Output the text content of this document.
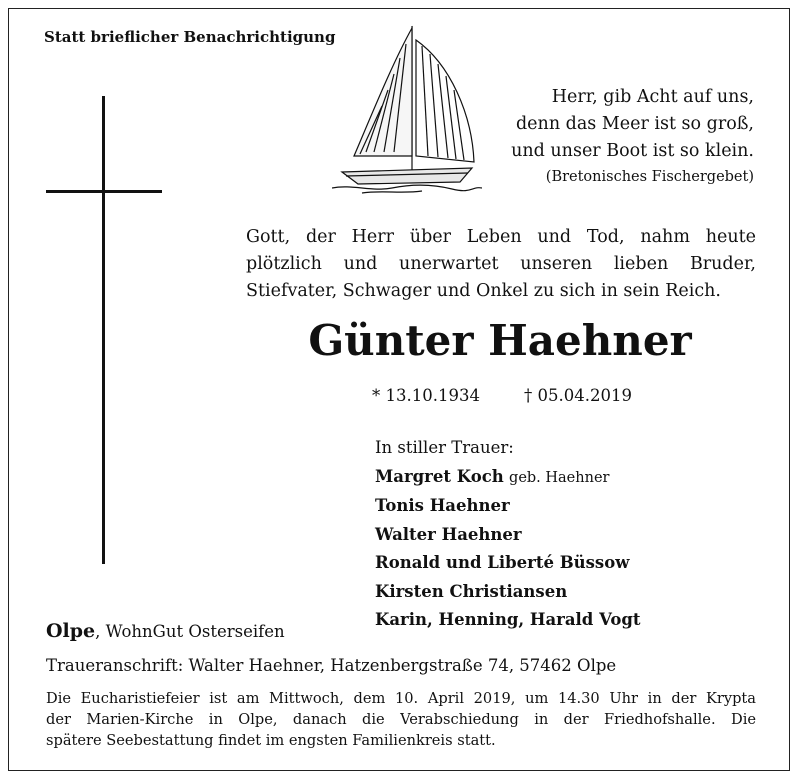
Statt brieflicher Benachrichtigung
Herr, gib Acht auf uns,
denn das Meer ist so groß,
und unser Boot ist so klein.
(Bretonisches Fischergebet)
Gott, der Herr über Leben und Tod, nahm heute
plötzlich und unerwartet unseren lieben Bruder,
Stiefvater, Schwager und Onkel zu sich in sein Reich.
Günter Haehner
* 13.10.1934	† 05.04.2019
In stiller Trauer:
Margret Koch geb. Haehner
Tonis Haehner
Walter Haehner
Ronald und Liberté Büssow
Kirsten Christiansen
Karin, Henning, Harald Vogt
Olpe, WohnGut Osterseifen
Traueranschrift: Walter Haehner, Hatzenbergstraße 74, 57462 Olpe
Die Eucharistiefeier ist am Mittwoch, dem 10. April 2019, um 14.30 Uhr in der Krypta
der Marien-Kirche in Olpe, danach die Verabschiedung in der Friedhofshalle. Die
spätere Seebestattung findet im engsten Familienkreis statt.
